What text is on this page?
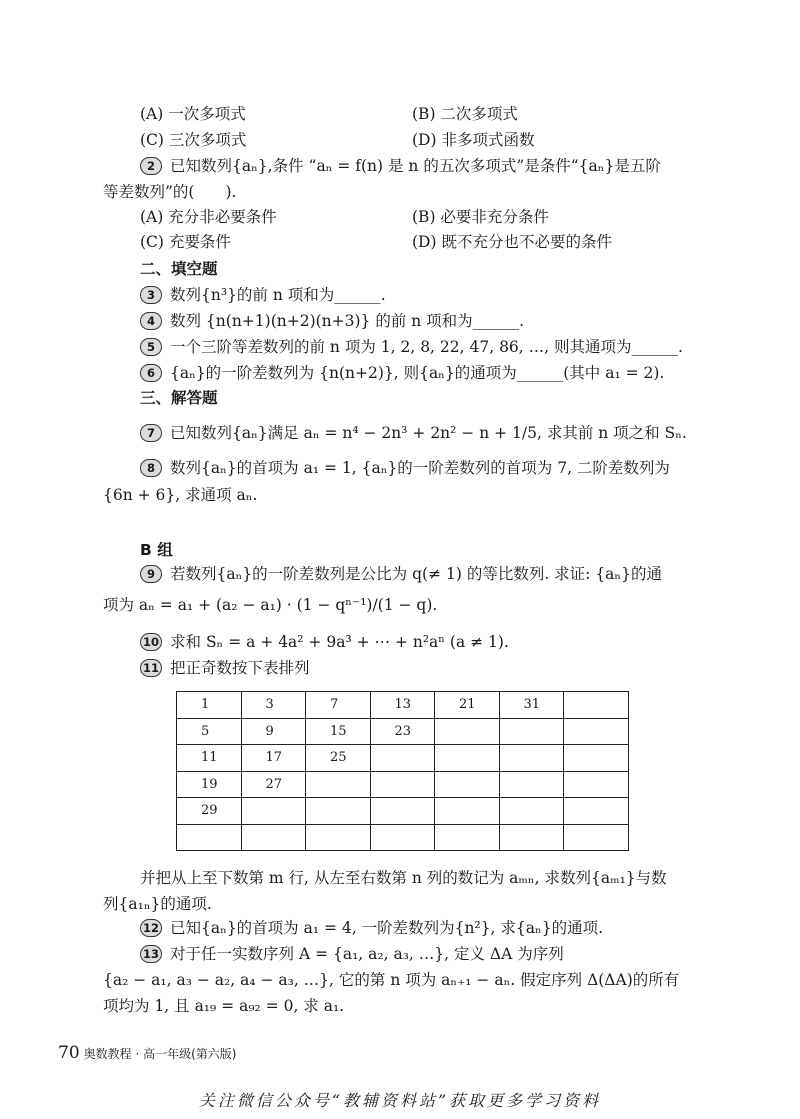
(A) 一次多项式	(B) 二次多项式
(C) 三次多项式	(D) 非多项式函数
2 已知数列{aₙ},条件 “aₙ = f(n) 是 n 的五次多项式”是条件“{aₙ}是五阶
等差数列”的(　　).
(A) 充分非必要条件	(B) 必要非充分条件
(C) 充要条件	(D) 既不充分也不必要的条件
二、填空题
3 数列{n³}的前 n 项和为______.
4 数列 {n(n+1)(n+2)(n+3)} 的前 n 项和为______.
5 一个三阶等差数列的前 n 项为 1, 2, 8, 22, 47, 86, …, 则其通项为______.
6 {aₙ}的一阶差数列为 {n(n+2)}, 则{aₙ}的通项为______(其中 a₁ = 2).
三、解答题
7 已知数列{aₙ}满足 aₙ = n⁴ − 2n³ + 2n² − n + 1/5, 求其前 n 项之和 Sₙ.
8 数列{aₙ}的首项为 a₁ = 1, {aₙ}的一阶差数列的首项为 7, 二阶差数列为
{6n + 6}, 求通项 aₙ.
B 组
9 若数列{aₙ}的一阶差数列是公比为 q(≠ 1) 的等比数列. 求证: {aₙ}的通
项为 aₙ = a₁ + (a₂ − a₁) · (1 − qⁿ⁻¹)/(1 − q).
10 求和 Sₙ = a + 4a² + 9a³ + ⋯ + n²aⁿ (a ≠ 1).
11 把正奇数按下表排列
1	3	7	13	21	31	
5	9	15	23			
11	17	25				
19	27					
29						

并把从上至下数第 m 行, 从左至右数第 n 列的数记为 aₘₙ, 求数列{aₘ₁}与数
列{a₁ₙ}的通项.
12 已知{aₙ}的首项为 a₁ = 4, 一阶差数列为{n²}, 求{aₙ}的通项.
13 对于任一实数序列 A = {a₁, a₂, a₃, …}, 定义 ΔA 为序列
{a₂ − a₁, a₃ − a₂, a₄ − a₃, …}, 它的第 n 项为 aₙ₊₁ − aₙ. 假定序列 Δ(ΔA)的所有
项均为 1, 且 a₁₉ = a₉₂ = 0, 求 a₁.
70 奥数教程 · 高一年级(第六版)
关注微信公众号“教辅资料站”获取更多学习资料
